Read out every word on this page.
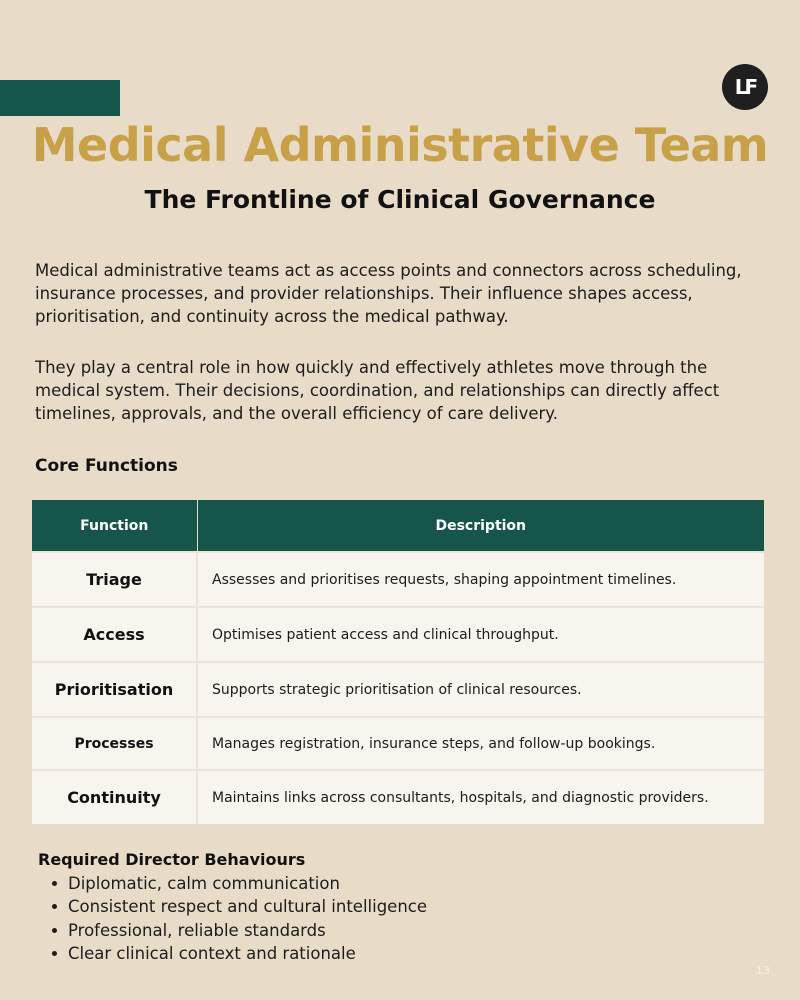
LF
Medical Administrative Team
The Frontline of Clinical Governance

Medical administrative teams act as access points and connectors across scheduling, insurance processes, and provider relationships. Their influence shapes access, prioritisation, and continuity across the medical pathway.

They play a central role in how quickly and effectively athletes move through the medical system. Their decisions, coordination, and relationships can directly affect timelines, approvals, and the overall efficiency of care delivery.

Core Functions
Function	Description
Triage	Assesses and prioritises requests, shaping appointment timelines.
Access	Optimises patient access and clinical throughput.
Prioritisation	Supports strategic prioritisation of clinical resources.
Processes	Manages registration, insurance steps, and follow-up bookings.
Continuity	Maintains links across consultants, hospitals, and diagnostic providers.
Required Director Behaviours
Diplomatic, calm communication
Consistent respect and cultural intelligence
Professional, reliable standards
Clear clinical context and rationale
13
